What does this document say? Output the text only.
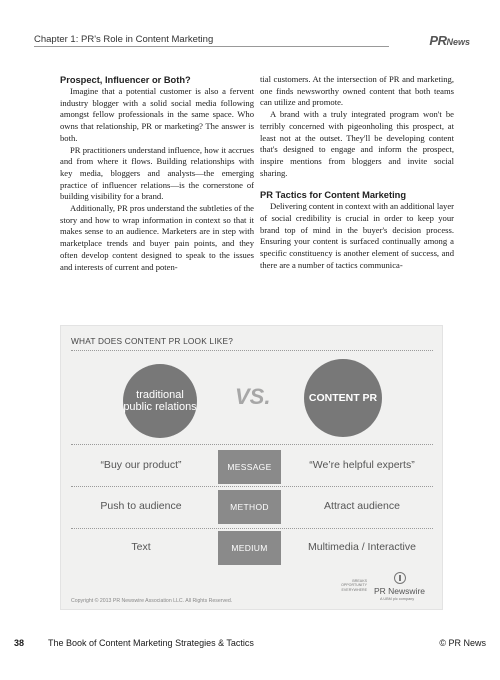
Chapter 1: PR's Role in Content Marketing	PRNews
Prospect, Influencer or Both?

Imagine that a potential customer is also a fervent industry blogger with a solid social media following amongst fellow professionals in the same space. Who owns that relationship, PR or marketing? The answer is both.

PR practitioners understand influence, how it accrues and from where it flows. Building relationships with key media, bloggers and analysts—the emerging practice of influencer relations—is the cornerstone of building visibility for a brand.

Additionally, PR pros understand the subtleties of the story and how to wrap information in context so that it makes sense to an audience. Marketers are in step with marketplace trends and buyer pain points, and they often develop content designed to speak to the issues and interests of current and poten-

tial customers. At the intersection of PR and marketing, one finds newsworthy owned content that both teams can utilize and promote.

A brand with a truly integrated program won't be terribly concerned with pigeonholing this prospect, at least not at the outset. They'll be developing content that's designed to engage and inform the prospect, inspire mentions from bloggers and invite social sharing.

PR Tactics for Content Marketing

Delivering content in context with an additional layer of social credibility is crucial in order to keep your brand top of mind in the buyer's decision process. Ensuring your content is surfaced continually among a specific constituency is another element of success, and there are a number of tactics communica-

WHAT DOES CONTENT PR LOOK LIKE?
traditional public relations VS.	CONTENT PR
“Buy our product”	MESSAGE	“We’re helpful experts”
Push to audience	METHOD	Attract audience
Text	MEDIUM	Multimedia / Interactive
BREAKS OPPORTUNITY EVERYWHERE PR Newswire
A UBM plc company
Copyright © 2013 PR Newswire Association LLC. All Rights Reserved.
38	The Book of Content Marketing Strategies & Tactics	© PR News
